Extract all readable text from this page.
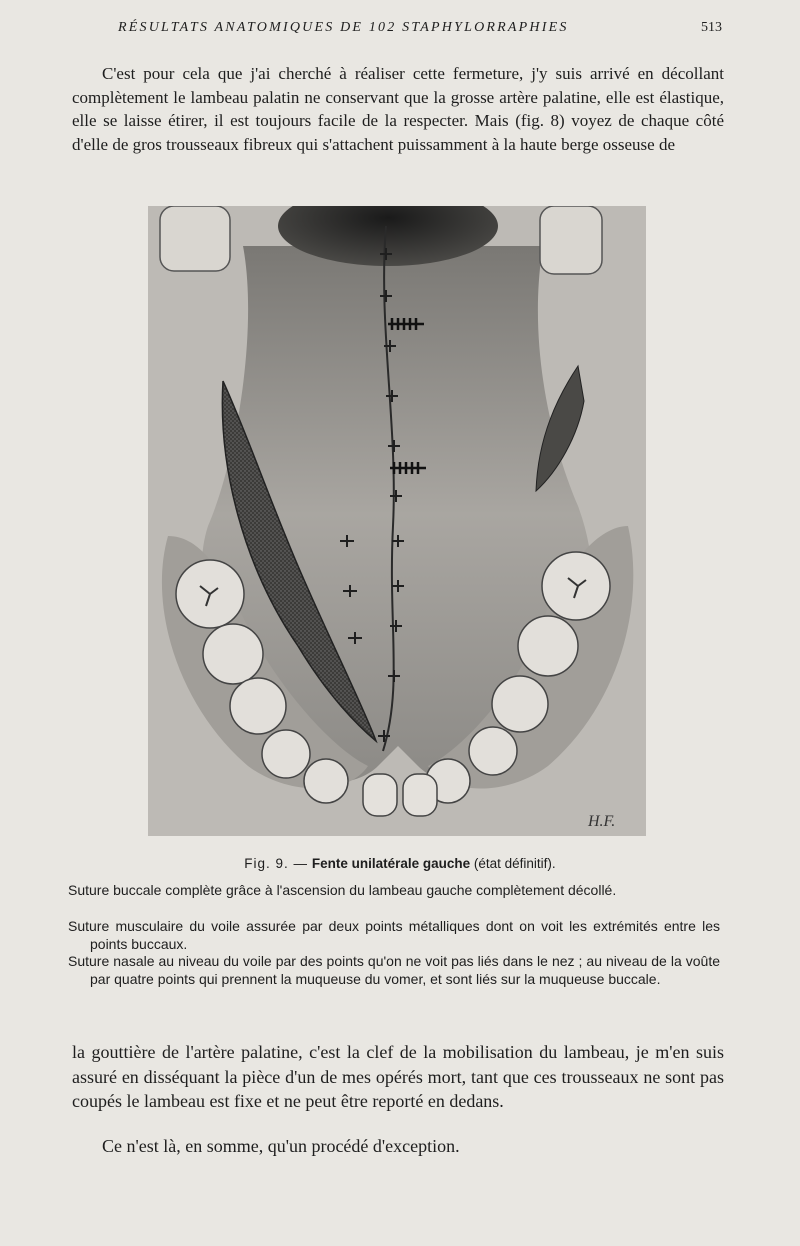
RÉSULTATS ANATOMIQUES DE 102 STAPHYLORRAPHIES	513

C'est pour cela que j'ai cherché à réaliser cette fermeture, j'y suis arrivé en décollant complètement le lambeau palatin ne conservant que la grosse artère palatine, elle est élastique, elle se laisse étirer, il est toujours facile de la respecter. Mais (fig. 8) voyez de chaque côté d'elle de gros trousseaux fibreux qui s'attachent puissamment à la haute berge osseuse de

H.F.
Fig. 9. — Fente unilatérale gauche (état définitif).

Suture buccale complète grâce à l'ascension du lambeau gauche complètement décollé.

Suture musculaire du voile assurée par deux points métalliques dont on voit les extrémités entre les points buccaux.

Suture nasale au niveau du voile par des points qu'on ne voit pas liés dans le nez ; au niveau de la voûte par quatre points qui prennent la muqueuse du vomer, et sont liés sur la muqueuse buccale.

la gouttière de l'artère palatine, c'est la clef de la mobilisation du lambeau, je m'en suis assuré en disséquant la pièce d'un de mes opérés mort, tant que ces trousseaux ne sont pas coupés le lambeau est fixe et ne peut être reporté en dedans.

Ce n'est là, en somme, qu'un procédé d'exception.
